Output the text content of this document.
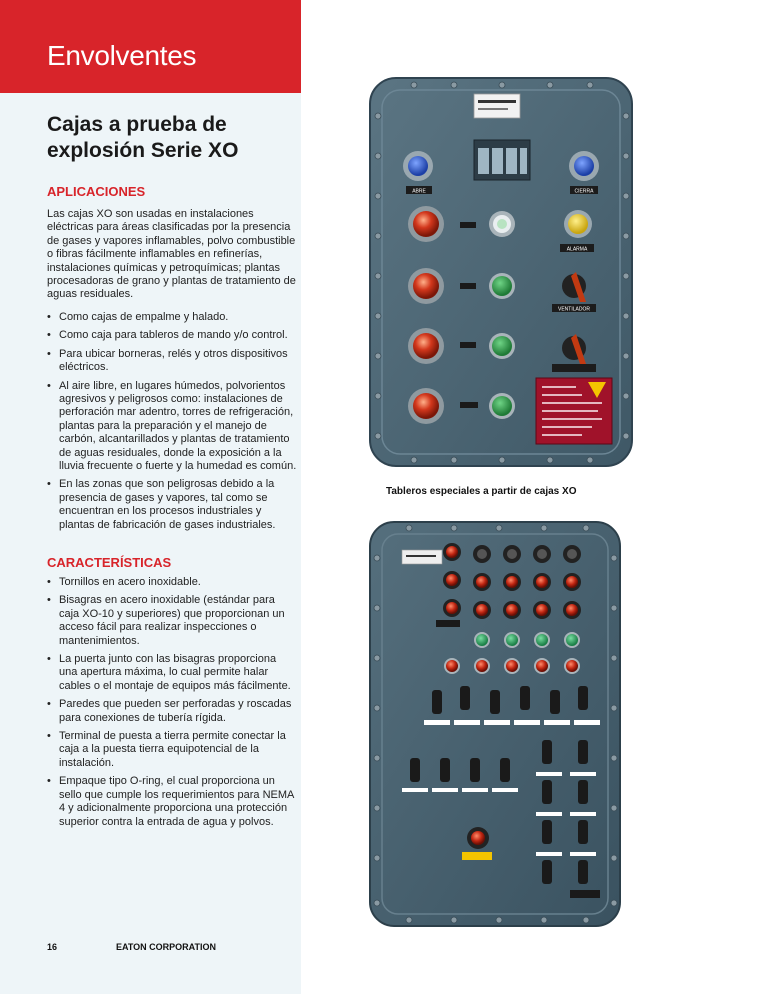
Envolventes
Cajas a prueba de explosión Serie XO
APLICACIONES
Las cajas XO son usadas en instalaciones eléctricas para áreas clasificadas por la presencia de gases y vapores inflamables, polvo combustible o fibras fácilmente inflamables en refinerías, instalaciones químicas y petroquímicas; plantas procesadoras de grano y plantas de tratamiento de aguas residuales.
• Como cajas de empalme y halado.
• Como caja para tableros de mando y/o control.
• Para ubicar borneras, relés y otros dispositivos eléctricos.
• Al aire libre, en lugares húmedos, polvorientos agresivos y peligrosos como: instalaciones de perforación mar adentro, torres de refrigeración, plantas para la preparación y el manejo de carbón, alcantarillados y plantas de tratamiento de aguas residuales, donde la exposición a la lluvia frecuente o fuerte y la humedad es común.
• En las zonas que son peligrosas debido a la presencia de gases y vapores, tal como se encuentran en los procesos industriales y plantas de fabricación de gases industriales.
CARACTERÍSTICAS
• Tornillos en acero inoxidable.
• Bisagras en acero inoxidable (estándar para caja XO-10 y superiores) que proporcionan un acceso fácil para realizar inspecciones o mantenimientos.
• La puerta junto con las bisagras proporciona una apertura máxima, lo cual permite halar cables o el montaje de equipos más fácilmente.
• Paredes que pueden ser perforadas y roscadas para conexiones de tubería rígida.
• Terminal de puesta a tierra permite conectar la caja a la puesta tierra equipotencial de la instalación.
• Empaque tipo O-ring, el cual proporciona un sello que cumple los requerimientos para NEMA 4 y adicionalmente proporciona una protección superior contra la entrada de agua y polvos.
16	EATON CORPORATION
ABRE	CIERRA
ALARMA
VENTILADOR
Tableros especiales a partir de cajas XO
